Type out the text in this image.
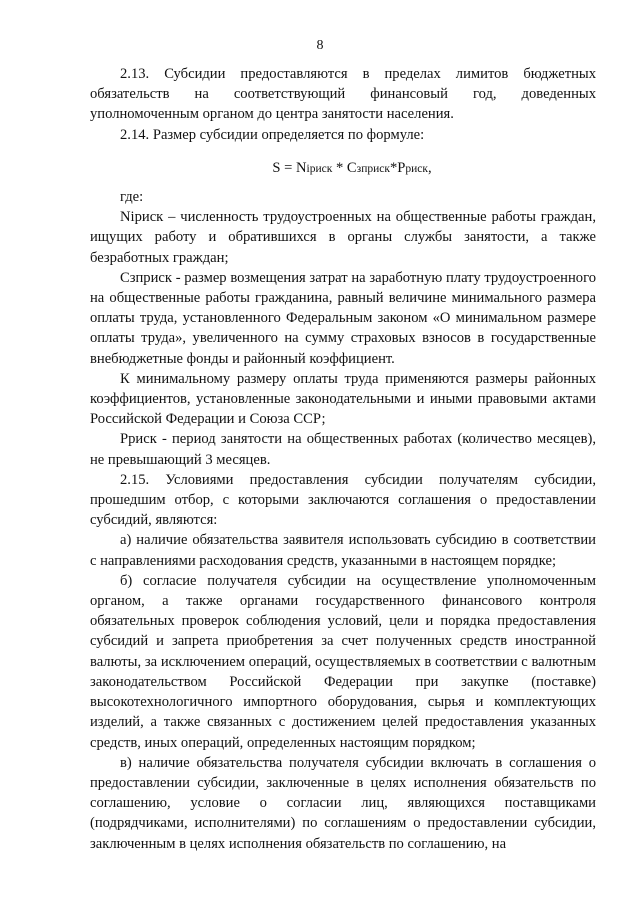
8

2.13. Субсидии предоставляются в пределах лимитов бюджетных обязательств на соответствующий финансовый год, доведенных уполномоченным органом до центра занятости населения.

2.14. Размер субсидии определяется по формуле:

S = Niриск * Cзприск*Pриск,

где:

Niриск – численность трудоустроенных на общественные работы граждан, ищущих работу и обратившихся в органы службы занятости, а также безработных граждан;

Cзприск - размер возмещения затрат на заработную плату трудоустроенного на общественные работы гражданина, равный величине минимального размера оплаты труда, установленного Федеральным законом «О минимальном размере оплаты труда», увеличенного на сумму страховых взносов в государственные внебюджетные фонды и районный коэффициент.

К минимальному размеру оплаты труда применяются размеры районных коэффициентов, установленные законодательными и иными правовыми актами Российской Федерации и Союза ССР;

Pриск - период занятости на общественных работах (количество месяцев), не превышающий 3 месяцев.

2.15. Условиями предоставления субсидии получателям субсидии, прошедшим отбор, с которыми заключаются соглашения о предоставлении субсидий, являются:

а) наличие обязательства заявителя использовать субсидию в соответствии с направлениями расходования средств, указанными в настоящем порядке;

б) согласие получателя субсидии на осуществление уполномоченным органом, а также органами государственного финансового контроля обязательных проверок соблюдения условий, цели и порядка предоставления субсидий и запрета приобретения за счет полученных средств иностранной валюты, за исключением операций, осуществляемых в соответствии с валютным законодательством Российской Федерации при закупке (поставке) высокотехнологичного импортного оборудования, сырья и комплектующих изделий, а также связанных с достижением целей предоставления указанных средств, иных операций, определенных настоящим порядком;

в) наличие обязательства получателя субсидии включать в соглашения о предоставлении субсидии, заключенные в целях исполнения обязательств по соглашению, условие о согласии лиц, являющихся поставщиками (подрядчиками, исполнителями) по соглашениям о предоставлении субсидии, заключенным в целях исполнения обязательств по соглашению, на
